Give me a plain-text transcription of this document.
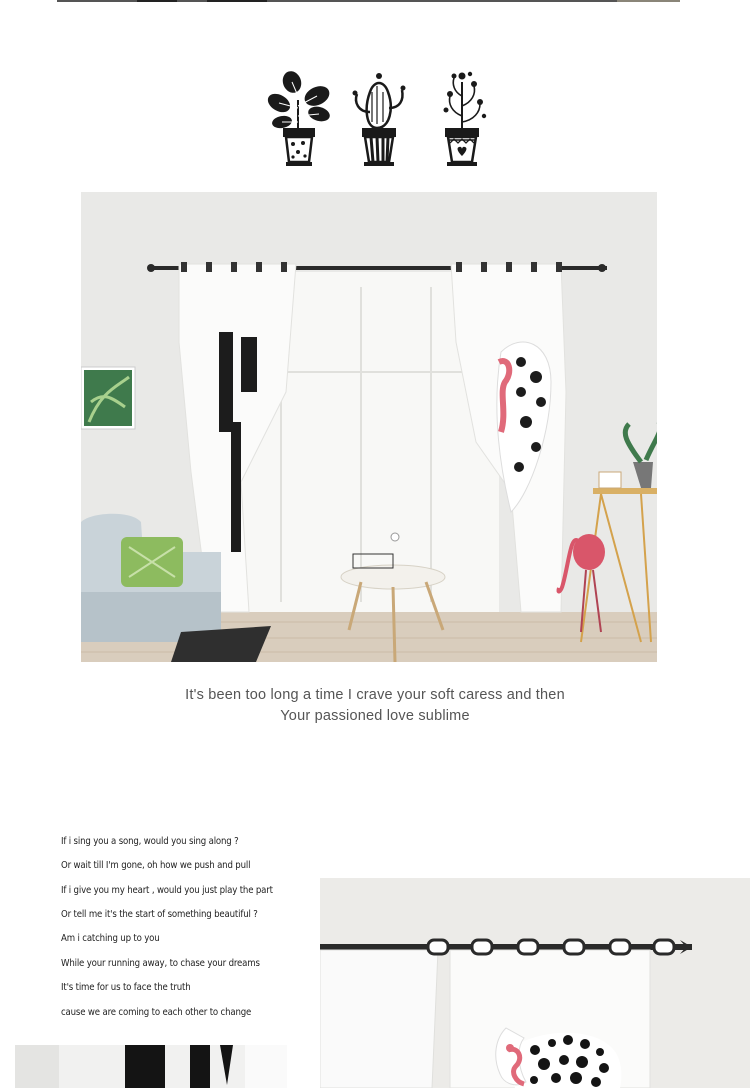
It's been too long a time I crave your soft caress and then

Your passioned love sublime

If i sing you a song, would you sing along ?
Or wait till I'm gone, oh how we push and pull
If i give you my heart , would you just play the part
Or tell me it's the start of something beautiful ?
Am i catching up to you
While your running away, to chase your dreams
It's time for us to face the truth
cause we are coming to each other to change
